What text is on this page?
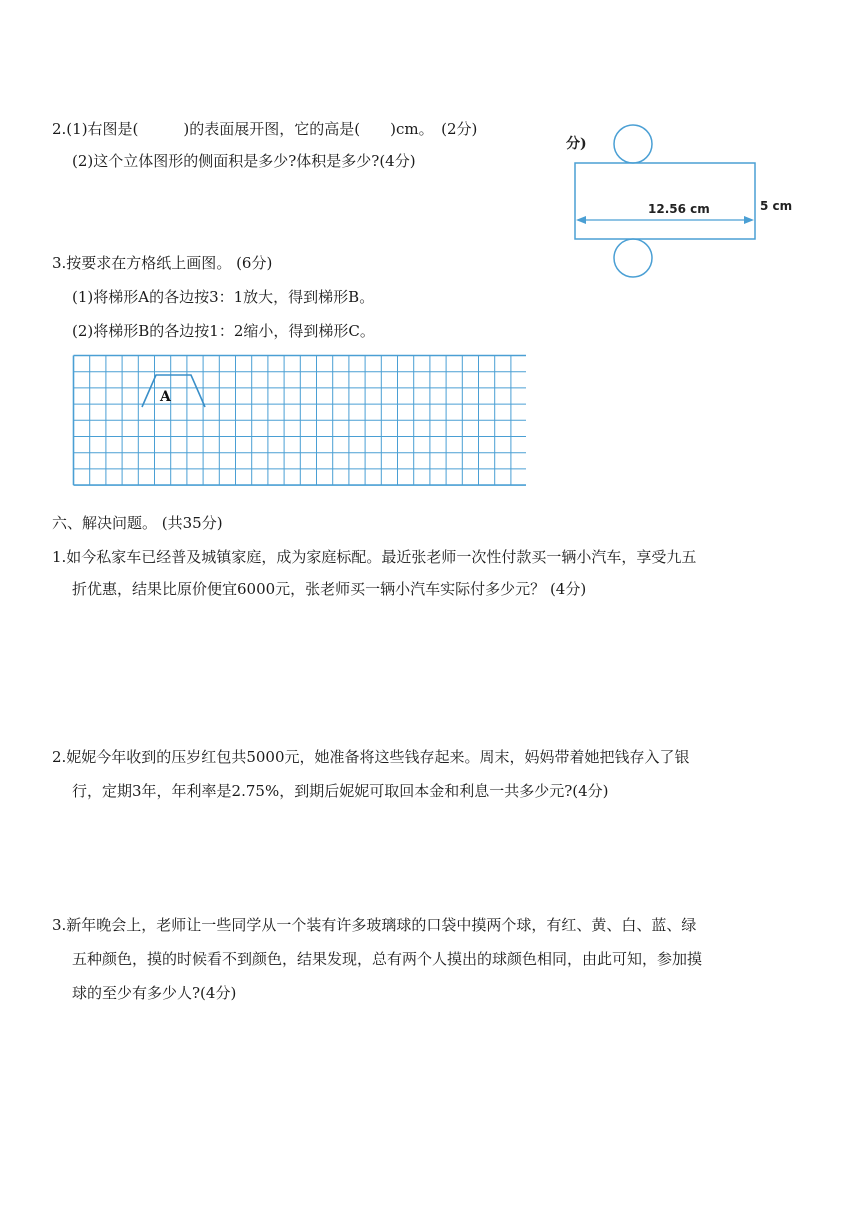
2.(1)右图是(　　　)的表面展开图，它的高是(　　)cm。　(2分)
(2)这个立体图形的侧面积是多少?体积是多少?(4分)
分)
12.56 cm	5 cm
3.按要求在方格纸上画图。 (6分)
(1)将梯形A的各边按3：1放大，得到梯形B。
(2)将梯形B的各边按1：2缩小，得到梯形C。
A
六、解决问题。 (共35分)
1.如今私家车已经普及城镇家庭，成为家庭标配。最近张老师一次性付款买一辆小汽车，享受九五
折优惠，结果比原价便宜6000元，张老师买一辆小汽车实际付多少元？ (4分)
2.妮妮今年收到的压岁红包共5000元，她准备将这些钱存起来。周末，妈妈带着她把钱存入了银
行，定期3年，年利率是2.75%，到期后妮妮可取回本金和利息一共多少元?(4分)
3.新年晚会上，老师让一些同学从一个装有许多玻璃球的口袋中摸两个球，有红、黄、白、蓝、绿
五种颜色，摸的时候看不到颜色，结果发现，总有两个人摸出的球颜色相同，由此可知，参加摸
球的至少有多少人?(4分)
